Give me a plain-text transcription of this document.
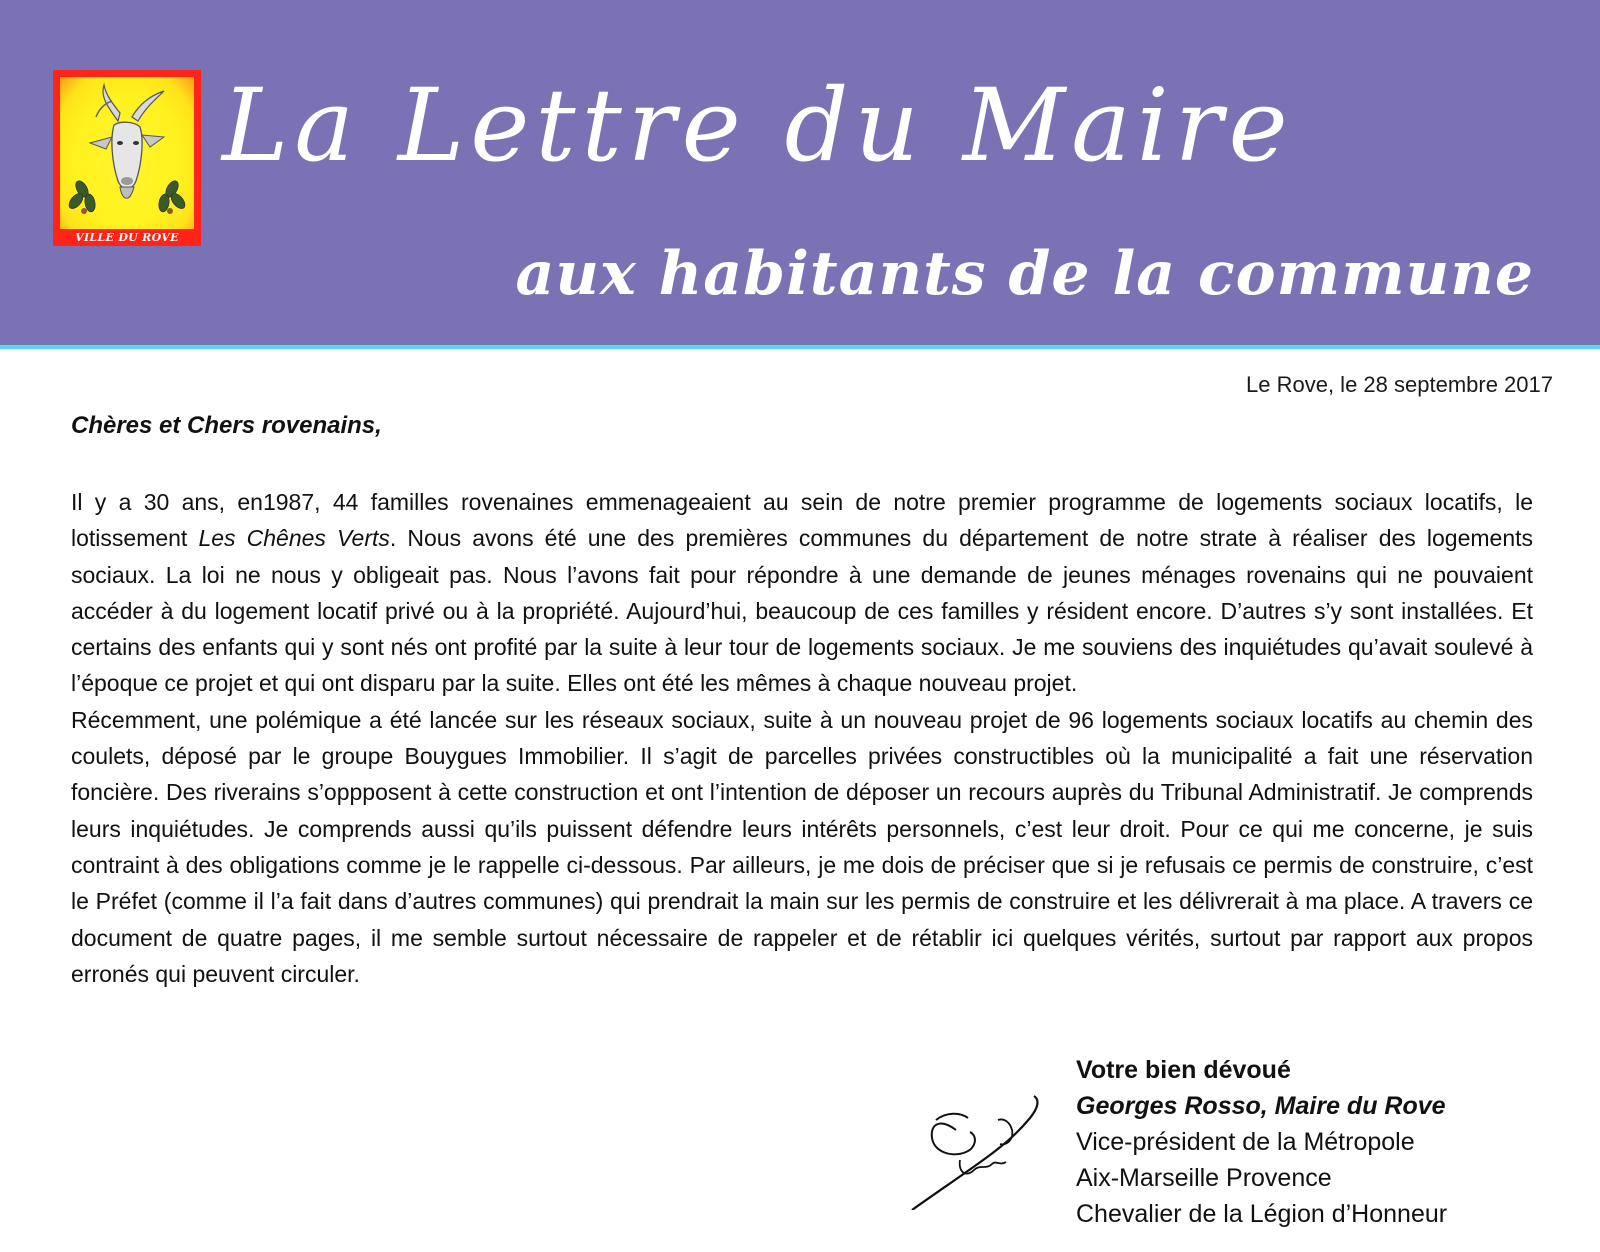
VILLE DU ROVE
La Lettre du Maire
aux habitants de la commune
Le Rove, le 28 septembre 2017
Chères et Chers rovenains,

Il y a 30 ans, en1987, 44 familles rovenaines emmenageaient au sein de notre premier programme de logements sociaux locatifs, le lotissement Les Chênes Verts. Nous avons été une des premières communes du département de notre strate à réaliser des logements sociaux. La loi ne nous y obligeait pas. Nous l’avons fait pour répondre à une demande de jeunes ménages rovenains qui ne pouvaient accéder à du logement locatif privé ou à la propriété. Aujourd’hui, beaucoup de ces familles y résident encore. D’autres s’y sont installées. Et certains des enfants qui y sont nés ont profité par la suite à leur tour de logements sociaux. Je me souviens des inquiétudes qu’avait soulevé à l’époque ce projet et qui ont disparu par la suite. Elles ont été les mêmes à chaque nouveau projet.

Récemment, une polémique a été lancée sur les réseaux sociaux, suite à un nouveau projet de 96 logements sociaux locatifs au chemin des coulets, déposé par le groupe Bouygues Immobilier. Il s’agit de parcelles privées constructibles où la municipalité a fait une réservation foncière. Des riverains s’oppposent à cette construction et ont l’intention de déposer un recours auprès du Tribunal Administratif. Je comprends leurs inquiétudes. Je comprends aussi qu’ils puissent défendre leurs intérêts personnels, c’est leur droit. Pour ce qui me concerne, je suis contraint à des obligations comme je le rappelle ci-dessous. Par ailleurs, je me dois de préciser que si je refusais ce permis de construire, c’est le Préfet (comme il l’a fait dans d’autres communes) qui prendrait la main sur les permis de construire et les délivrerait à ma place. A travers ce document de quatre pages, il me semble surtout nécessaire de rappeler et de rétablir ici quelques vérités, surtout par rapport aux propos erronés qui peuvent circuler.

Votre bien dévoué
Georges Rosso, Maire du Rove
Vice-président de la Métropole
Aix-Marseille Provence
Chevalier de la Légion d’Honneur
